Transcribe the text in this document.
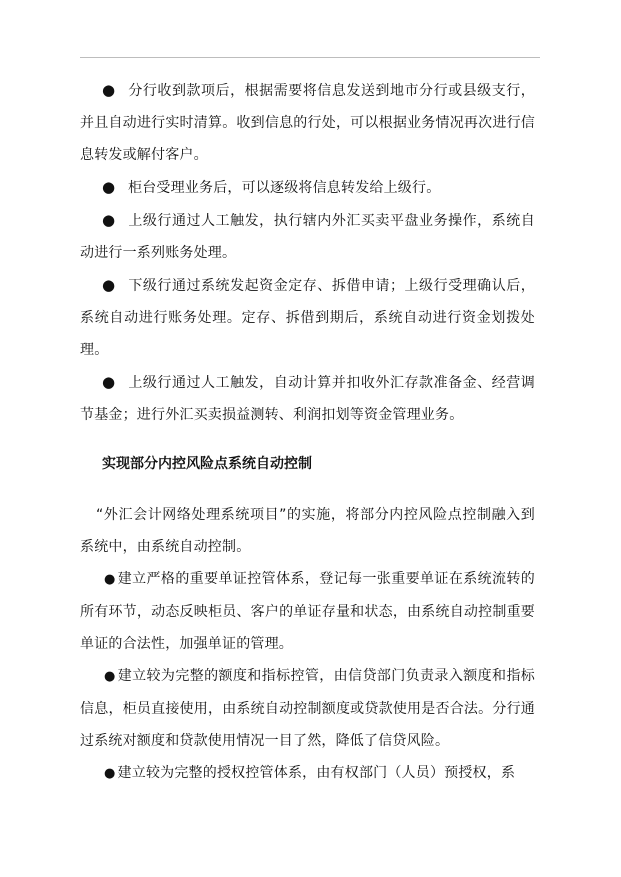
● 分行收到款项后，根据需要将信息发送到地市分行或县级支行，并且自动进行实时清算。收到信息的行处，可以根据业务情况再次进行信息转发或解付客户。

● 柜台受理业务后，可以逐级将信息转发给上级行。

● 上级行通过人工触发，执行辖内外汇买卖平盘业务操作，系统自动进行一系列账务处理。

● 下级行通过系统发起资金定存、拆借申请；上级行受理确认后，系统自动进行账务处理。定存、拆借到期后，系统自动进行资金划拨处理。

● 上级行通过人工触发，自动计算并扣收外汇存款准备金、经营调节基金；进行外汇买卖损益测转、利润扣划等资金管理业务。

实现部分内控风险点系统自动控制

“外汇会计网络处理系统项目”的实施，将部分内控风险点控制融入到系统中，由系统自动控制。

● 建立严格的重要单证控管体系，登记每一张重要单证在系统流转的所有环节，动态反映柜员、客户的单证存量和状态，由系统自动控制重要单证的合法性，加强单证的管理。

● 建立较为完整的额度和指标控管，由信贷部门负责录入额度和指标信息，柜员直接使用，由系统自动控制额度或贷款使用是否合法。分行通过系统对额度和贷款使用情况一目了然，降低了信贷风险。

● 建立较为完整的授权控管体系，由有权部门（人员）预授权，系
